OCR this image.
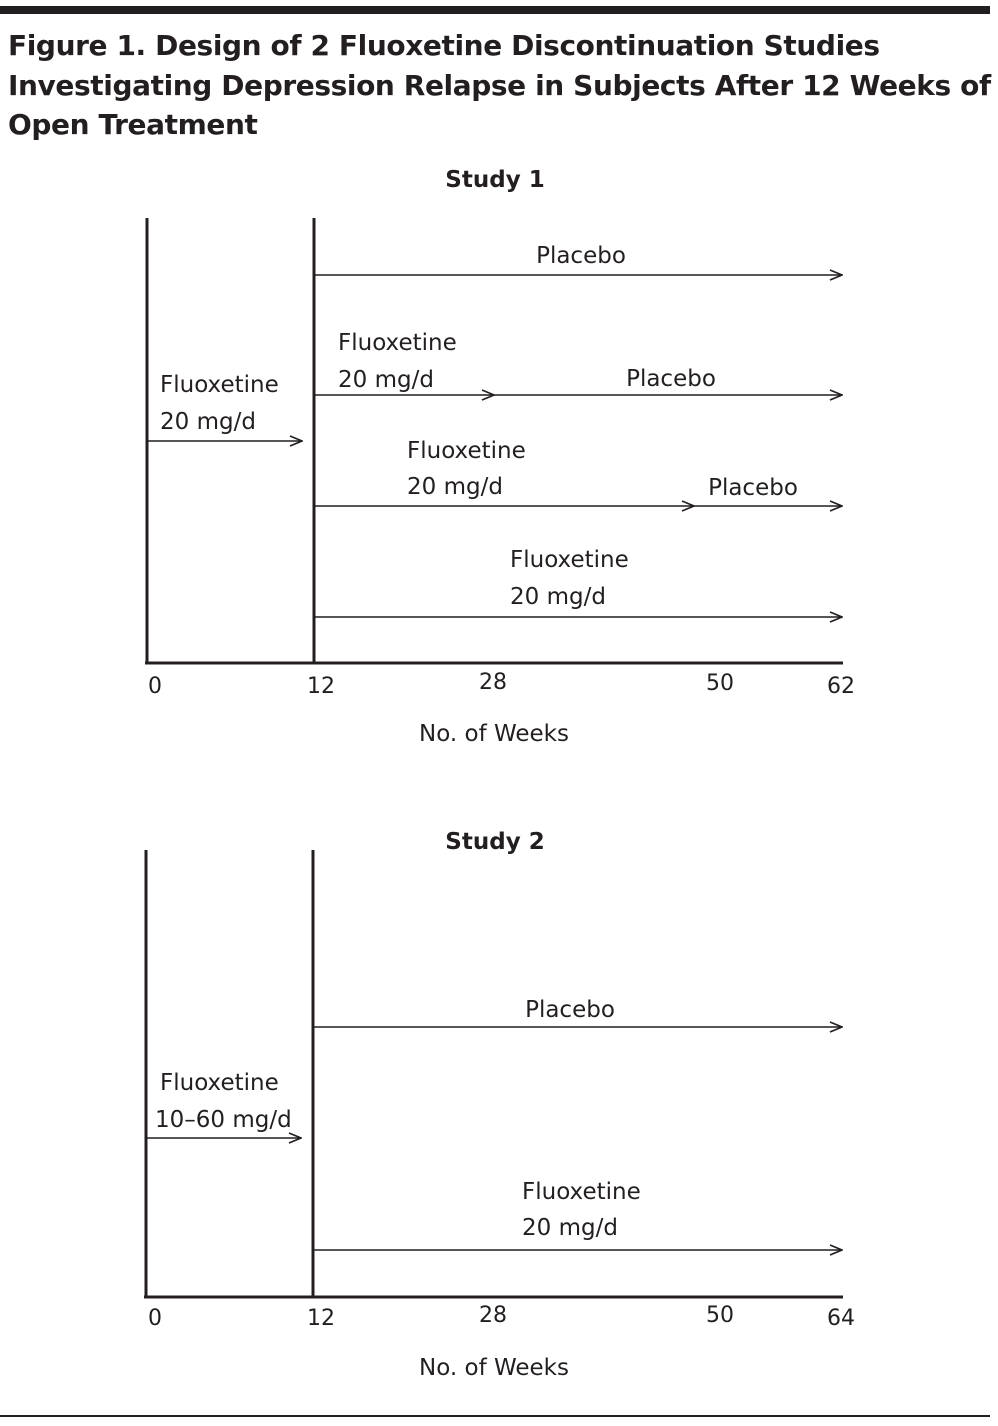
Figure 1. Design of 2 Fluoxetine Discontinuation Studies Investigating Depression Relapse in Subjects After 12 Weeks of Open Treatment
Study 1
Fluoxetine
20 mg/d
Placebo
Fluoxetine
20 mg/d	Placebo
Fluoxetine
20 mg/d	Placebo
Fluoxetine
20 mg/d
0	12	28	50	62
No. of Weeks
Study 2
Fluoxetine
10–60 mg/d
Placebo
Fluoxetine
20 mg/d
0	12	28	50	64
No. of Weeks
